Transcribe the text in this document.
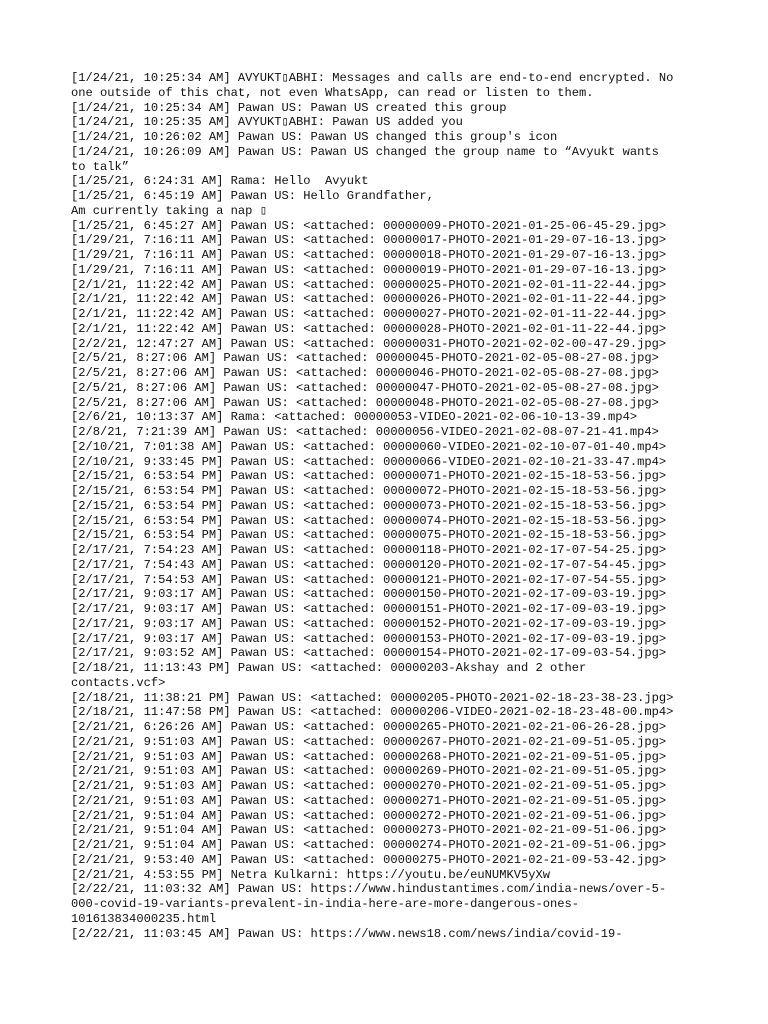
[1/24/21, 10:25:34 AM] AVYUKT▯ABHI: Messages and calls are end-to-end encrypted. No
one outside of this chat, not even WhatsApp, can read or listen to them.
[1/24/21, 10:25:34 AM] Pawan US: Pawan US created this group
[1/24/21, 10:25:35 AM] AVYUKT▯ABHI: Pawan US added you
[1/24/21, 10:26:02 AM] Pawan US: Pawan US changed this group's icon
[1/24/21, 10:26:09 AM] Pawan US: Pawan US changed the group name to “Avyukt wants
to talk”
[1/25/21, 6:24:31 AM] Rama: Hello  Avyukt
[1/25/21, 6:45:19 AM] Pawan US: Hello Grandfather,
Am currently taking a nap ▯
[1/25/21, 6:45:27 AM] Pawan US: <attached: 00000009-PHOTO-2021-01-25-06-45-29.jpg>
[1/29/21, 7:16:11 AM] Pawan US: <attached: 00000017-PHOTO-2021-01-29-07-16-13.jpg>
[1/29/21, 7:16:11 AM] Pawan US: <attached: 00000018-PHOTO-2021-01-29-07-16-13.jpg>
[1/29/21, 7:16:11 AM] Pawan US: <attached: 00000019-PHOTO-2021-01-29-07-16-13.jpg>
[2/1/21, 11:22:42 AM] Pawan US: <attached: 00000025-PHOTO-2021-02-01-11-22-44.jpg>
[2/1/21, 11:22:42 AM] Pawan US: <attached: 00000026-PHOTO-2021-02-01-11-22-44.jpg>
[2/1/21, 11:22:42 AM] Pawan US: <attached: 00000027-PHOTO-2021-02-01-11-22-44.jpg>
[2/1/21, 11:22:42 AM] Pawan US: <attached: 00000028-PHOTO-2021-02-01-11-22-44.jpg>
[2/2/21, 12:47:27 AM] Pawan US: <attached: 00000031-PHOTO-2021-02-02-00-47-29.jpg>
[2/5/21, 8:27:06 AM] Pawan US: <attached: 00000045-PHOTO-2021-02-05-08-27-08.jpg>
[2/5/21, 8:27:06 AM] Pawan US: <attached: 00000046-PHOTO-2021-02-05-08-27-08.jpg>
[2/5/21, 8:27:06 AM] Pawan US: <attached: 00000047-PHOTO-2021-02-05-08-27-08.jpg>
[2/5/21, 8:27:06 AM] Pawan US: <attached: 00000048-PHOTO-2021-02-05-08-27-08.jpg>
[2/6/21, 10:13:37 AM] Rama: <attached: 00000053-VIDEO-2021-02-06-10-13-39.mp4>
[2/8/21, 7:21:39 AM] Pawan US: <attached: 00000056-VIDEO-2021-02-08-07-21-41.mp4>
[2/10/21, 7:01:38 AM] Pawan US: <attached: 00000060-VIDEO-2021-02-10-07-01-40.mp4>
[2/10/21, 9:33:45 PM] Pawan US: <attached: 00000066-VIDEO-2021-02-10-21-33-47.mp4>
[2/15/21, 6:53:54 PM] Pawan US: <attached: 00000071-PHOTO-2021-02-15-18-53-56.jpg>
[2/15/21, 6:53:54 PM] Pawan US: <attached: 00000072-PHOTO-2021-02-15-18-53-56.jpg>
[2/15/21, 6:53:54 PM] Pawan US: <attached: 00000073-PHOTO-2021-02-15-18-53-56.jpg>
[2/15/21, 6:53:54 PM] Pawan US: <attached: 00000074-PHOTO-2021-02-15-18-53-56.jpg>
[2/15/21, 6:53:54 PM] Pawan US: <attached: 00000075-PHOTO-2021-02-15-18-53-56.jpg>
[2/17/21, 7:54:23 AM] Pawan US: <attached: 00000118-PHOTO-2021-02-17-07-54-25.jpg>
[2/17/21, 7:54:43 AM] Pawan US: <attached: 00000120-PHOTO-2021-02-17-07-54-45.jpg>
[2/17/21, 7:54:53 AM] Pawan US: <attached: 00000121-PHOTO-2021-02-17-07-54-55.jpg>
[2/17/21, 9:03:17 AM] Pawan US: <attached: 00000150-PHOTO-2021-02-17-09-03-19.jpg>
[2/17/21, 9:03:17 AM] Pawan US: <attached: 00000151-PHOTO-2021-02-17-09-03-19.jpg>
[2/17/21, 9:03:17 AM] Pawan US: <attached: 00000152-PHOTO-2021-02-17-09-03-19.jpg>
[2/17/21, 9:03:17 AM] Pawan US: <attached: 00000153-PHOTO-2021-02-17-09-03-19.jpg>
[2/17/21, 9:03:52 AM] Pawan US: <attached: 00000154-PHOTO-2021-02-17-09-03-54.jpg>
[2/18/21, 11:13:43 PM] Pawan US: <attached: 00000203-Akshay and 2 other
contacts.vcf>
[2/18/21, 11:38:21 PM] Pawan US: <attached: 00000205-PHOTO-2021-02-18-23-38-23.jpg>
[2/18/21, 11:47:58 PM] Pawan US: <attached: 00000206-VIDEO-2021-02-18-23-48-00.mp4>
[2/21/21, 6:26:26 AM] Pawan US: <attached: 00000265-PHOTO-2021-02-21-06-26-28.jpg>
[2/21/21, 9:51:03 AM] Pawan US: <attached: 00000267-PHOTO-2021-02-21-09-51-05.jpg>
[2/21/21, 9:51:03 AM] Pawan US: <attached: 00000268-PHOTO-2021-02-21-09-51-05.jpg>
[2/21/21, 9:51:03 AM] Pawan US: <attached: 00000269-PHOTO-2021-02-21-09-51-05.jpg>
[2/21/21, 9:51:03 AM] Pawan US: <attached: 00000270-PHOTO-2021-02-21-09-51-05.jpg>
[2/21/21, 9:51:03 AM] Pawan US: <attached: 00000271-PHOTO-2021-02-21-09-51-05.jpg>
[2/21/21, 9:51:04 AM] Pawan US: <attached: 00000272-PHOTO-2021-02-21-09-51-06.jpg>
[2/21/21, 9:51:04 AM] Pawan US: <attached: 00000273-PHOTO-2021-02-21-09-51-06.jpg>
[2/21/21, 9:51:04 AM] Pawan US: <attached: 00000274-PHOTO-2021-02-21-09-51-06.jpg>
[2/21/21, 9:53:40 AM] Pawan US: <attached: 00000275-PHOTO-2021-02-21-09-53-42.jpg>
[2/21/21, 4:53:55 PM] Netra Kulkarni: https://youtu.be/euNUMKV5yXw
[2/22/21, 11:03:32 AM] Pawan US: https://www.hindustantimes.com/india-news/over-5-
000-covid-19-variants-prevalent-in-india-here-are-more-dangerous-ones-
101613834000235.html
[2/22/21, 11:03:45 AM] Pawan US: https://www.news18.com/news/india/covid-19-
